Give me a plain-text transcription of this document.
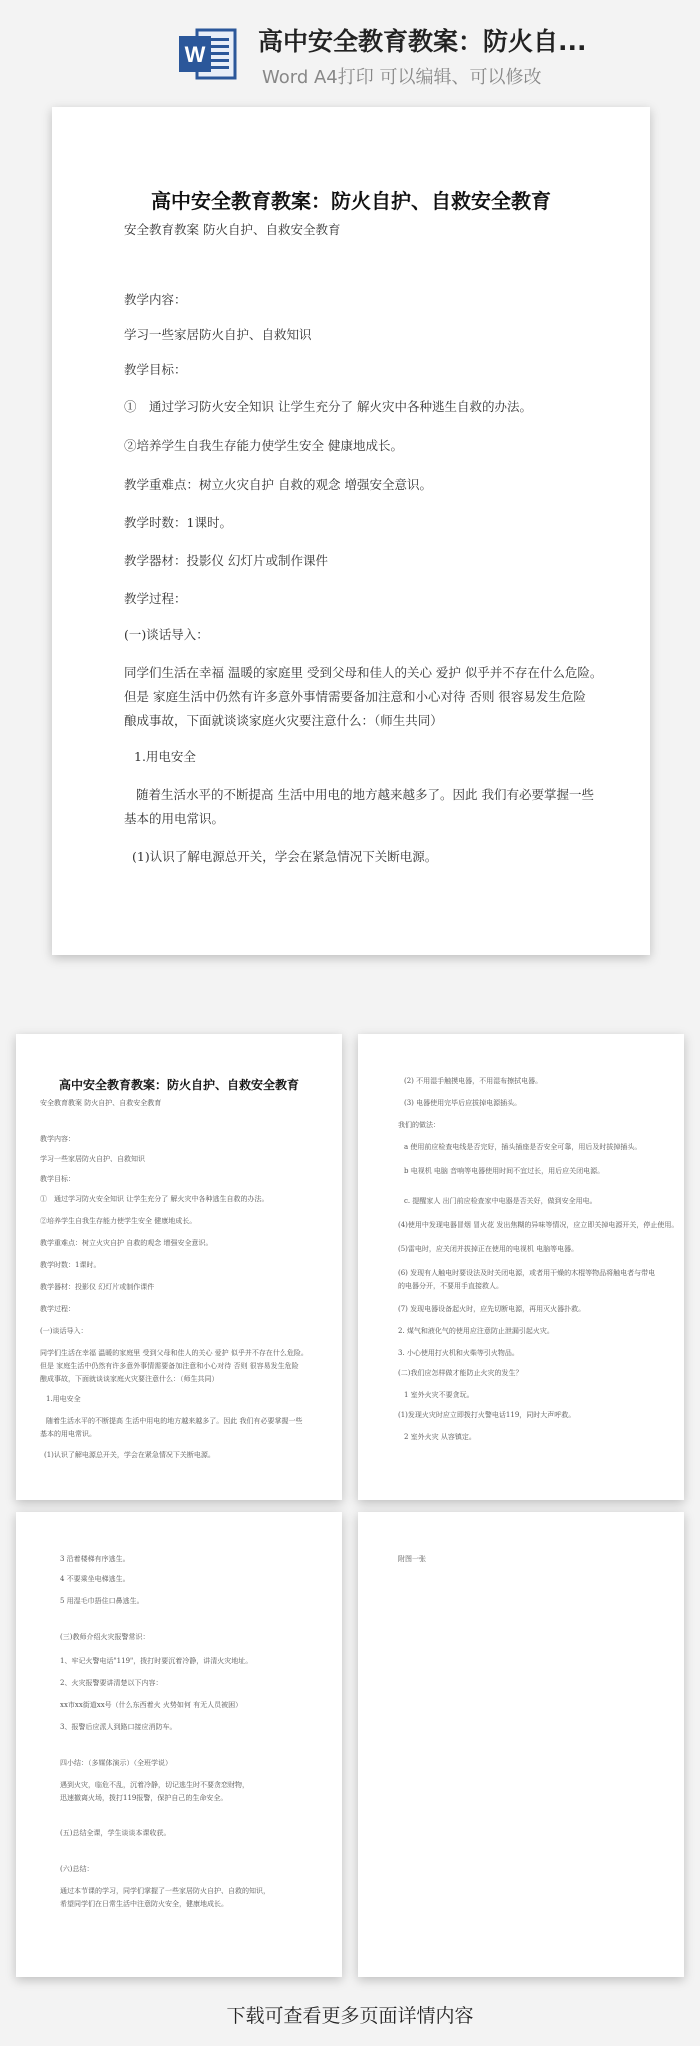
W 高中安全教育教案：防火自...
Word A4打印 可以编辑、可以修改
高中安全教育教案：防火自护、自救安全教育
安全教育教案 防火自护、自救安全教育
教学内容：
学习一些家居防火自护、自救知识
教学目标：
①　通过学习防火安全知识 让学生充分了 解火灾中各种逃生自救的办法。
②培养学生自我生存能力使学生安全 健康地成长。
教学重难点：树立火灾自护 自救的观念 增强安全意识。
教学时数：1课时。
教学器材：投影仪 幻灯片或制作课件
教学过程：
(一)谈话导入：
同学们生活在幸福 温暖的家庭里 受到父母和佳人的关心 爱护 似乎并不存在什么危险。
但是 家庭生活中仍然有许多意外事情需要备加注意和小心对待 否则 很容易发生危险
酿成事故，下面就谈谈家庭火灾要注意什么：（师生共同）
1.用电安全
随着生活水平的不断提高 生活中用电的地方越来越多了。因此 我们有必要掌握一些
基本的用电常识。
(1)认识了解电源总开关，学会在紧急情况下关断电源。
高中安全教育教案：防火自护、自救安全教育
安全教育教案 防火自护、自救安全教育
教学内容：
学习一些家居防火自护、自救知识
教学目标：
①　通过学习防火安全知识 让学生充分了 解火灾中各种逃生自救的办法。
②培养学生自我生存能力使学生安全 健康地成长。
教学重难点：树立火灾自护 自救的观念 增强安全意识。
教学时数：1课时。
教学器材：投影仪 幻灯片或制作课件
教学过程：
(一)谈话导入：
同学们生活在幸福 温暖的家庭里 受到父母和佳人的关心 爱护 似乎并不存在什么危险。
但是 家庭生活中仍然有许多意外事情需要备加注意和小心对待 否则 很容易发生危险
酿成事故，下面就谈谈家庭火灾要注意什么：（师生共同）
1.用电安全
随着生活水平的不断提高 生活中用电的地方越来越多了。因此 我们有必要掌握一些
基本的用电常识。
(1)认识了解电源总开关，学会在紧急情况下关断电源。
(2) 不用湿手触摸电器，不用湿布擦拭电器。
(3) 电器使用完毕后应拔掉电源插头。
我们的做法：
a 使用前应检查电线是否完好，插头插座是否安全可靠，用后及时拔掉插头。
b 电视机 电脑 音响等电器使用时间不宜过长，用后应关闭电源。
c. 提醒家人 出门前应检查家中电器是否关好，做到安全用电。
(4)使用中发现电器冒烟 冒火花 发出焦糊的异味等情况，应立即关掉电源开关，停止使用。
(5)雷电时，应关闭并拔掉正在使用的电视机 电脑等电器。
(6) 发现有人触电时要设法及时关闭电源，或者用干燥的木棍等物品将触电者与带电
的电器分开，不要用手直接救人。
(7) 发现电器设备起火时，应先切断电源，再用灭火器扑救。
2. 煤气和液化气的使用应注意防止泄漏引起火灾。
3. 小心使用打火机和火柴等引火物品。
(二)我们应怎样做才能防止火灾的发生？
1 室外火灾不要贪玩。
(1)发现火灾时应立即拨打火警电话119，同时大声呼救。
2 室外火灾 从容镇定。
3 沿着楼梯有序逃生。
4 不要乘坐电梯逃生。
5 用湿毛巾捂住口鼻逃生。
(三)教师介绍火灾报警常识：
1、牢记火警电话"119"，拨打时要沉着冷静，讲清火灾地址。
2、火灾报警要讲清楚以下内容：
xx市xx街道xx号（什么东西着火 火势如何 有无人员被困）
3、报警后应派人到路口接应消防车。
四小结：（多媒体演示）（全班学说）
遇到火灾，临危不乱，沉着冷静，切记逃生时不要贪恋财物，
迅速撤离火场，拨打119报警，保护自己的生命安全。
(五)总结全课，学生谈谈本课收获。
(六)总结：
通过本节课的学习，同学们掌握了一些家居防火自护、自救的知识，
希望同学们在日常生活中注意防火安全，健康地成长。
附图一张
下载可查看更多页面详情内容
